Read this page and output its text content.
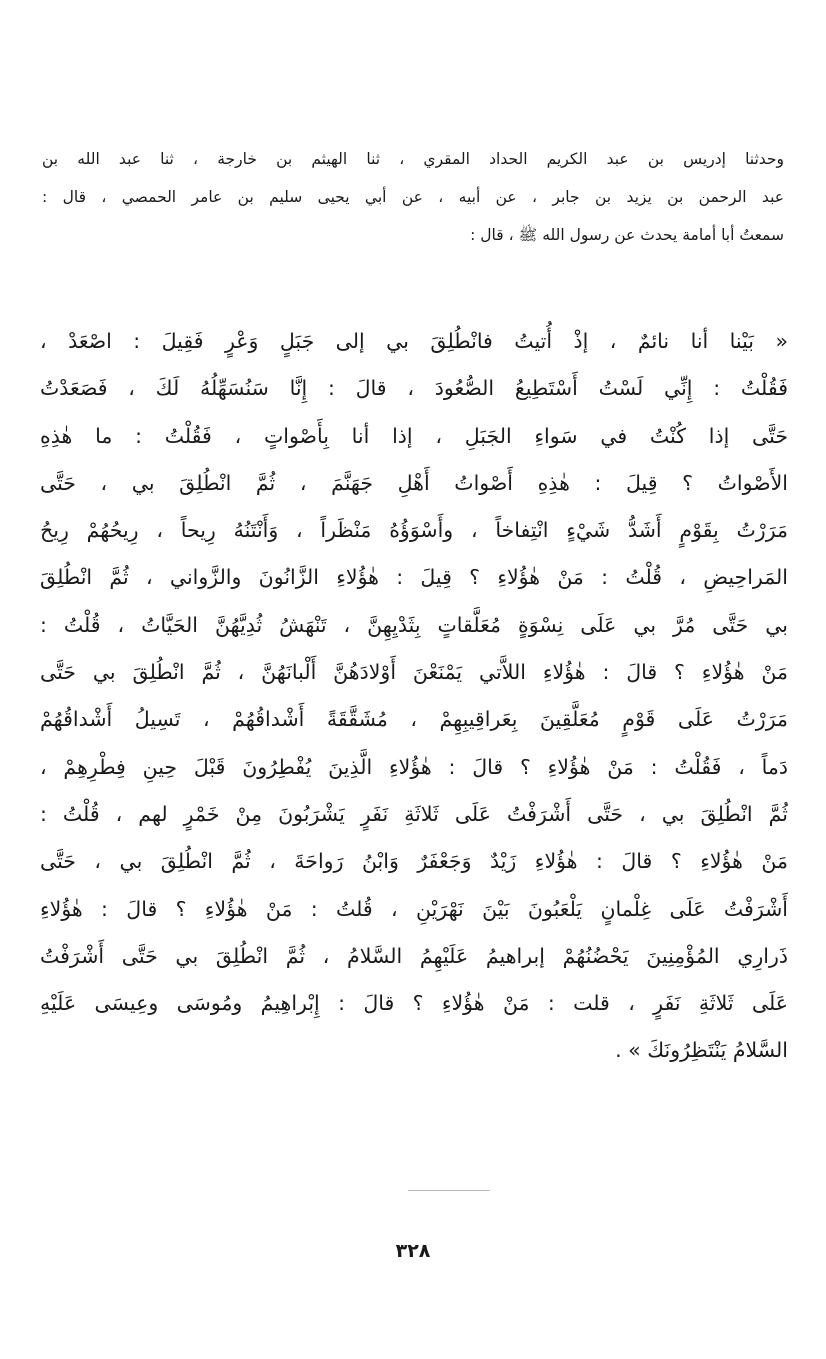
وحدثنا إدريس بن عبد الكريم الحداد المقري ، ثنا الهيثم بن خارجة ، ثنا عبد الله بن
عبد الرحمن بن يزيد بن جابر ، عن أبيه ، عن أبي يحيى سليم بن عامر الحمصي ، قال :
سمعتُ أبا أمامة يحدث عن رسول الله ﷺ ، قال :
« بَيْنا أنا نائمٌ ، إذْ أُتيتُ فانْطُلِقَ بي إلى جَبَلٍ وَعْرٍ فَقِيلَ : اصْعَدْ ،
فَقُلْتُ : إِنِّي لَسْتُ أَسْتَطِيعُ الصُّعُودَ ، قالَ : إِنَّا سَنُسَهِّلُهُ لَكَ ، فَصَعَدْتُ
حَتَّى إذا كُنْتُ في سَواءِ الجَبَلِ ، إذا أنا بِأَصْواتٍ ، فَقُلْتُ : ما هٰذِهِ
الأَصْواتُ ؟ قِيلَ : هٰذِهِ أَصْواتُ أَهْلِ جَهَنَّمَ ، ثُمَّ انْطُلِقَ بي ، حَتَّى
مَرَرْتُ بِقَوْمٍ أَشَدُّ شَيْءٍ انْتِفاخاً ، وأَسْوَؤُهُ مَنْظَراً ، وَأَنْتَنُهُ رِيحاً ، رِيحُهُمْ رِيحُ
المَراحِيضِ ، قُلْتُ : مَنْ هٰؤُلاءِ ؟ قِيلَ : هٰؤُلاءِ الزَّانُونَ والزَّواني ، ثُمَّ انْطُلِقَ
بي حَتَّى مُرَّ بي عَلَى نِسْوَةٍ مُعَلَّقاتٍ بِثَدْيِهِنَّ ، تَنْهَشُ ثُدِيَّهُنَّ الحَيَّاتُ ، قُلْتُ :
مَنْ هٰؤُلاءِ ؟ قالَ : هٰؤُلاءِ اللاَّتي يَمْنَعْنَ أَوْلادَهُنَّ أَلْبانَهُنَّ ، ثُمَّ انْطُلِقَ بي حَتَّى
مَرَرْتُ عَلَى قَوْمٍ مُعَلَّقِينَ بِعَراقِيبِهِمْ ، مُشَقَّقَةً أَشْداقُهُمْ ، تَسِيلُ أَشْداقُهُمْ
دَماً ، فَقُلْتُ : مَنْ هٰؤُلاءِ ؟ قالَ : هٰؤُلاءِ الَّذِينَ يُفْطِرُونَ قَبْلَ حِينِ فِطْرِهِمْ ،
ثُمَّ انْطُلِقَ بي ، حَتَّى أَشْرَفْتُ عَلَى ثَلاثَةِ نَفَرٍ يَشْرَبُونَ مِنْ خَمْرٍ لهم ، قُلْتُ :
مَنْ هٰؤُلاءِ ؟ قالَ : هٰؤُلاءِ زَيْدٌ وَجَعْفَرٌ وَابْنُ رَواحَةَ ، ثُمَّ انْطُلِقَ بي ، حَتَّى
أَشْرَفْتُ عَلَى غِلْمانٍ يَلْعَبُونَ بَيْنَ نَهْرَيْنِ ، قُلتُ : مَنْ هٰؤُلاءِ ؟ قالَ : هٰؤُلاءِ
ذَرارِي المُؤْمِنِينَ يَحْضُنُهُمْ إبراهيمُ عَلَيْهِمُ السَّلامُ ، ثُمَّ انْطُلِقَ بي حَتَّى أَشْرَفْتُ
عَلَى ثَلاثَةِ نَفَرٍ ، قلت : مَنْ هٰؤُلاءِ ؟ قالَ : إِبْراهِيمُ ومُوسَى وعِيسَى عَلَيْهِ
السَّلامُ يَنْتَظِرُونَكَ » .
٣٢٨
